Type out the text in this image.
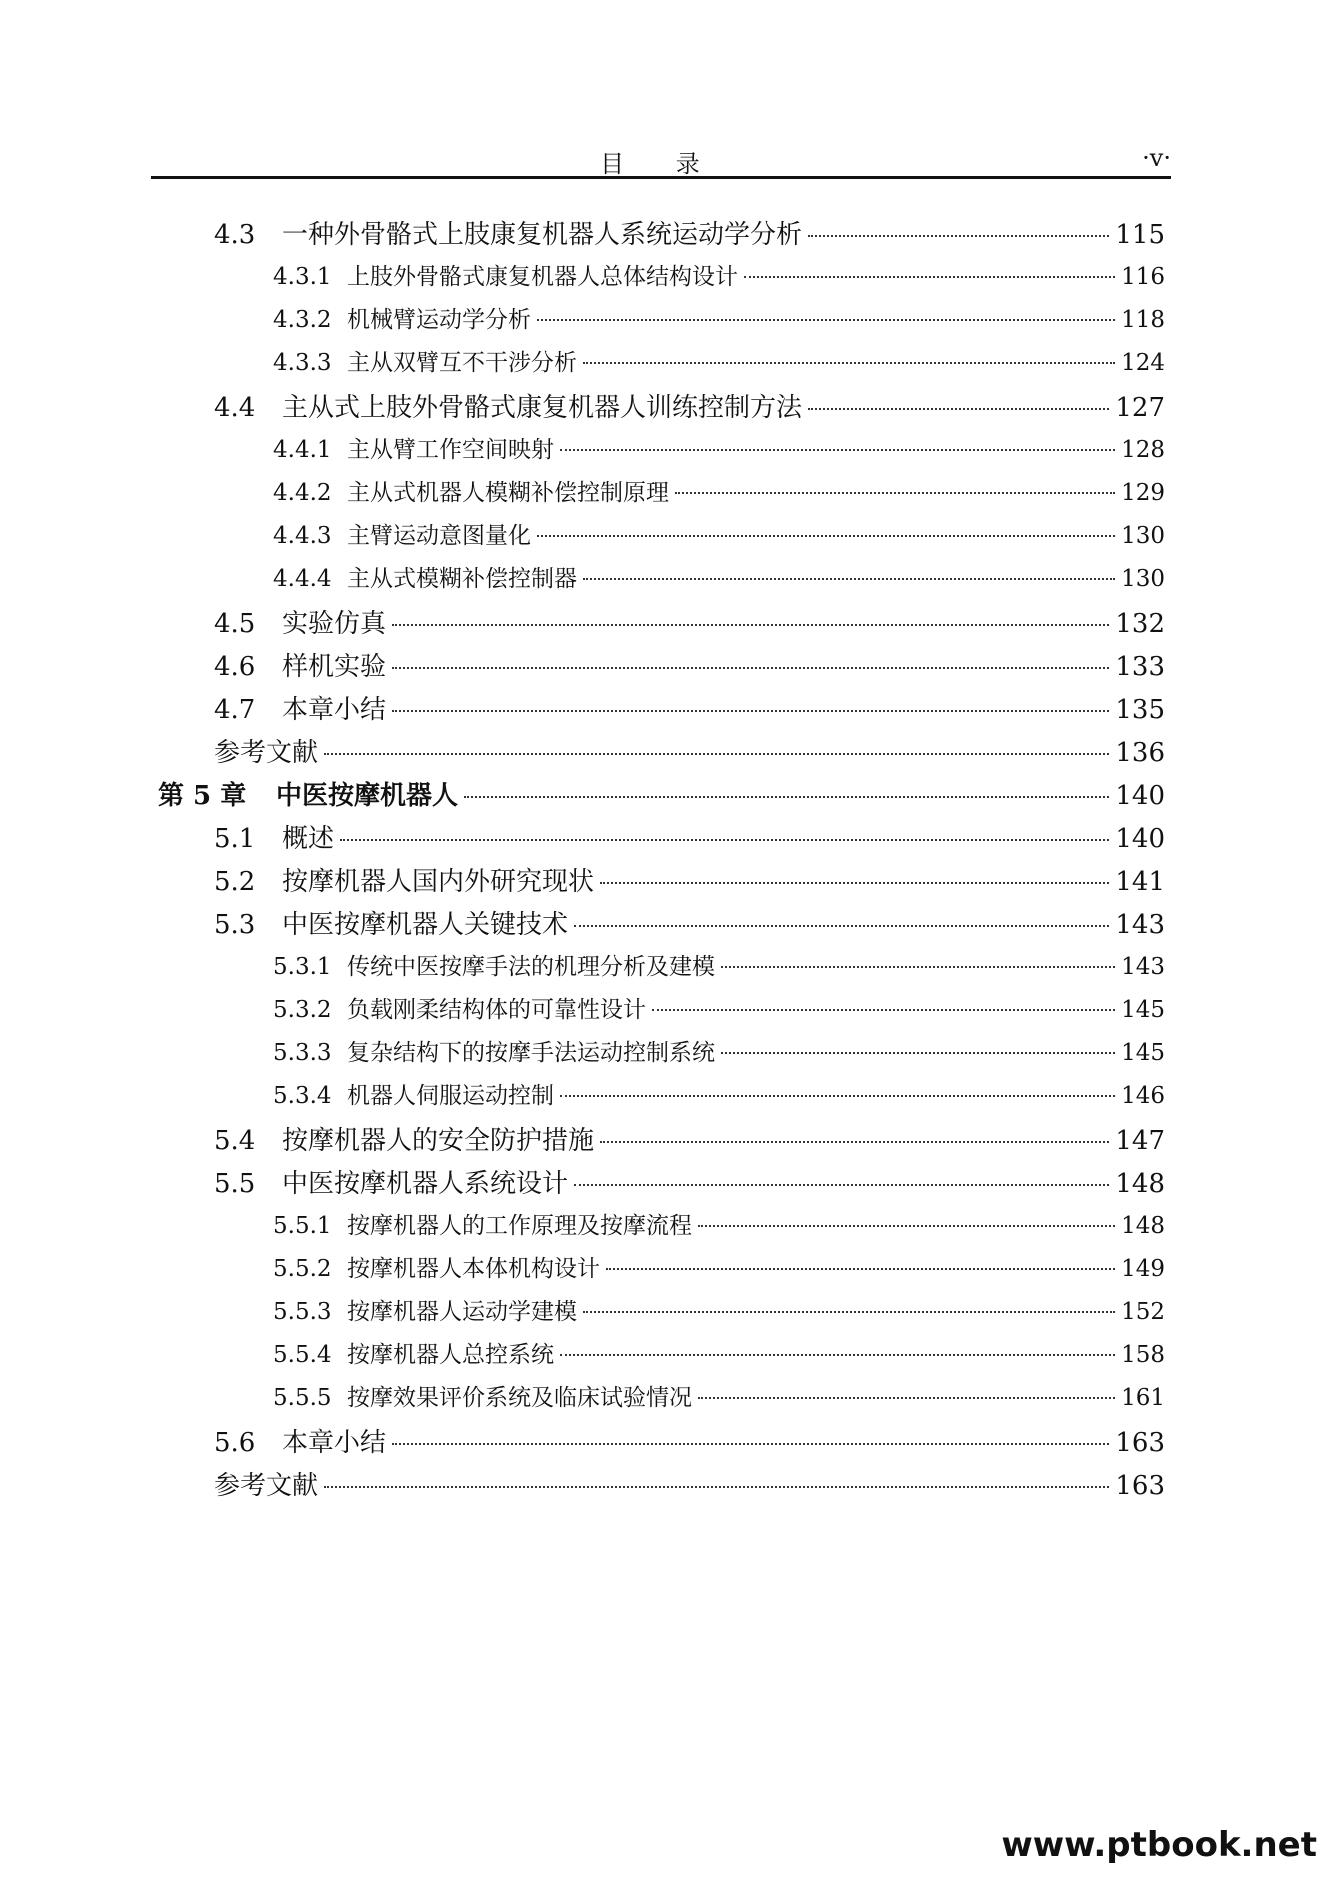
目 录	·v·
4.3	一种外骨骼式上肢康复机器人系统运动学分析	115
4.3.1 上肢外骨骼式康复机器人总体结构设计	116
4.3.2 机械臂运动学分析	118
4.3.3 主从双臂互不干涉分析	124
4.4	主从式上肢外骨骼式康复机器人训练控制方法	127
4.4.1 主从臂工作空间映射	128
4.4.2 主从式机器人模糊补偿控制原理	129
4.4.3 主臂运动意图量化	130
4.4.4 主从式模糊补偿控制器	130
4.5	实验仿真	132
4.6	样机实验	133
4.7	本章小结	135
参考文献	136
第 5 章	中医按摩机器人	140
5.1	概述	140
5.2	按摩机器人国内外研究现状	141
5.3	中医按摩机器人关键技术	143
5.3.1 传统中医按摩手法的机理分析及建模	143
5.3.2 负载刚柔结构体的可靠性设计	145
5.3.3 复杂结构下的按摩手法运动控制系统	145
5.3.4 机器人伺服运动控制	146
5.4	按摩机器人的安全防护措施	147
5.5	中医按摩机器人系统设计	148
5.5.1 按摩机器人的工作原理及按摩流程	148
5.5.2 按摩机器人本体机构设计	149
5.5.3 按摩机器人运动学建模	152
5.5.4 按摩机器人总控系统	158
5.5.5 按摩效果评价系统及临床试验情况	161
5.6	本章小结	163
参考文献	163
www.ptbook.net
